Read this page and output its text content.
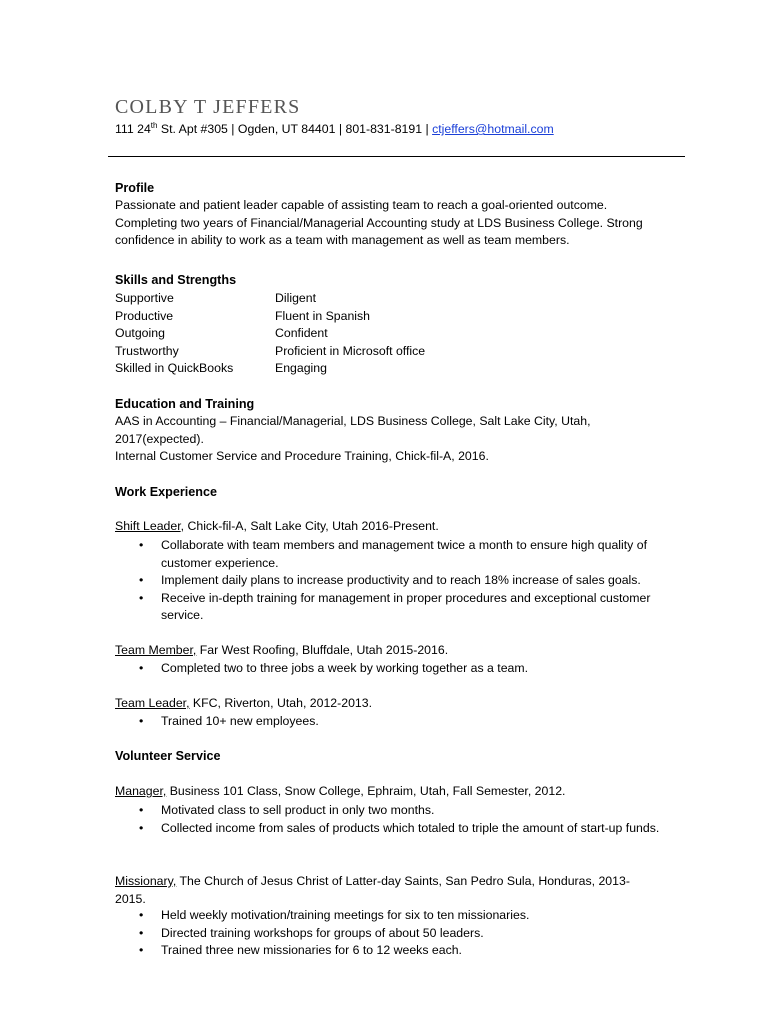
COLBY T JEFFERS
111 24th St. Apt #305 | Ogden, UT 84401 | 801-831-8191 | ctjeffers@hotmail.com
Profile

Passionate and patient leader capable of assisting team to reach a goal-oriented outcome. Completing two years of Financial/Managerial Accounting study at LDS Business College. Strong confidence in ability to work as a team with management as well as team members.

Skills and Strengths
Supportive	Diligent
Productive	Fluent in Spanish
Outgoing	Confident
Trustworthy	Proficient in Microsoft office
Skilled in QuickBooks	Engaging
Education and Training

AAS in Accounting – Financial/Managerial, LDS Business College, Salt Lake City, Utah, 2017(expected).

Internal Customer Service and Procedure Training, Chick-fil-A, 2016.

Work Experience

Shift Leader, Chick-fil-A, Salt Lake City, Utah 2016-Present.

• Collaborate with team members and management twice a month to ensure high quality of customer experience.
• Implement daily plans to increase productivity and to reach 18% increase of sales goals.
• Receive in-depth training for management in proper procedures and exceptional customer service.

Team Member, Far West Roofing, Bluffdale, Utah 2015-2016.

• Completed two to three jobs a week by working together as a team.

Team Leader, KFC, Riverton, Utah, 2012-2013.

• Trained 10+ new employees.
Volunteer Service

Manager, Business 101 Class, Snow College, Ephraim, Utah, Fall Semester, 2012.

• Motivated class to sell product in only two months.
• Collected income from sales of products which totaled to triple the amount of start-up funds.

Missionary, The Church of Jesus Christ of Latter-day Saints, San Pedro Sula, Honduras, 2013-2015.

• Held weekly motivation/training meetings for six to ten missionaries.
• Directed training workshops for groups of about 50 leaders.
• Trained three new missionaries for 6 to 12 weeks each.
